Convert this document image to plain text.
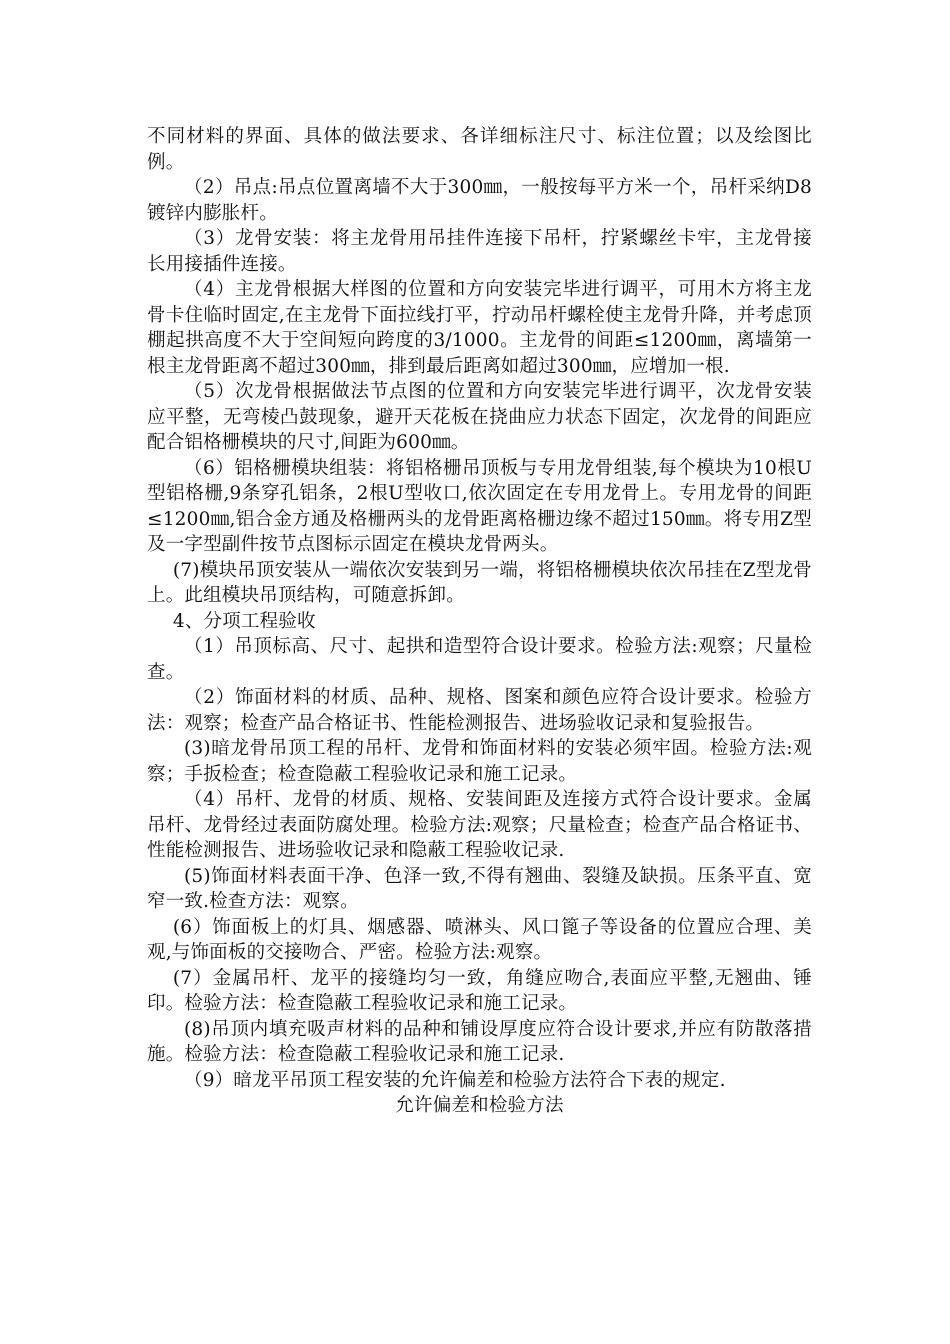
不同材料的界面、具体的做法要求、各详细标注尺寸、标注位置；以及绘图比例。

（2）吊点:吊点位置离墙不大于300㎜，一般按每平方米一个，吊杆采纳D8镀锌内膨胀杆。

（3）龙骨安装：将主龙骨用吊挂件连接下吊杆，拧紧螺丝卡牢，主龙骨接长用接插件连接。

（4）主龙骨根据大样图的位置和方向安装完毕进行调平，可用木方将主龙骨卡住临时固定,在主龙骨下面拉线打平，拧动吊杆螺栓使主龙骨升降，并考虑顶棚起拱高度不大于空间短向跨度的3/1000。主龙骨的间距≤1200㎜，离墙第一根主龙骨距离不超过300㎜，排到最后距离如超过300㎜，应增加一根.

（5）次龙骨根据做法节点图的位置和方向安装完毕进行调平，次龙骨安装应平整，无弯棱凸鼓现象，避开天花板在挠曲应力状态下固定，次龙骨的间距应配合铝格栅模块的尺寸,间距为600㎜。

（6）铝格栅模块组装：将铝格栅吊顶板与专用龙骨组装,每个模块为10根U型铝格栅,9条穿孔铝条，2根U型收口,依次固定在专用龙骨上。专用龙骨的间距≤1200㎜,铝合金方通及格栅两头的龙骨距离格栅边缘不超过150㎜。将专用Z型及一字型副件按节点图标示固定在模块龙骨两头。

(7)模块吊顶安装从一端依次安装到另一端，将铝格栅模块依次吊挂在Z型龙骨上。此组模块吊顶结构，可随意拆卸。

4、分项工程验收

（1）吊顶标高、尺寸、起拱和造型符合设计要求。检验方法:观察；尺量检查。

（2）饰面材料的材质、品种、规格、图案和颜色应符合设计要求。检验方法：观察；检查产品合格证书、性能检测报告、进场验收记录和复验报告。

(3)暗龙骨吊顶工程的吊杆、龙骨和饰面材料的安装必须牢固。检验方法:观察；手扳检查；检查隐蔽工程验收记录和施工记录。

（4）吊杆、龙骨的材质、规格、安装间距及连接方式符合设计要求。金属吊杆、龙骨经过表面防腐处理。检验方法:观察；尺量检查；检查产品合格证书、性能检测报告、进场验收记录和隐蔽工程验收记录.

(5)饰面材料表面干净、色泽一致,不得有翘曲、裂缝及缺损。压条平直、宽窄一致.检查方法：观察。

(6）饰面板上的灯具、烟感器、喷淋头、风口篦子等设备的位置应合理、美观,与饰面板的交接吻合、严密。检验方法:观察。

(7）金属吊杆、龙平的接缝均匀一致，角缝应吻合,表面应平整,无翘曲、锤印。检验方法：检查隐蔽工程验收记录和施工记录。

(8)吊顶内填充吸声材料的品种和铺设厚度应符合设计要求,并应有防散落措施。检验方法：检查隐蔽工程验收记录和施工记录.

（9）暗龙平吊顶工程安装的允许偏差和检验方法符合下表的规定.

允许偏差和检验方法
